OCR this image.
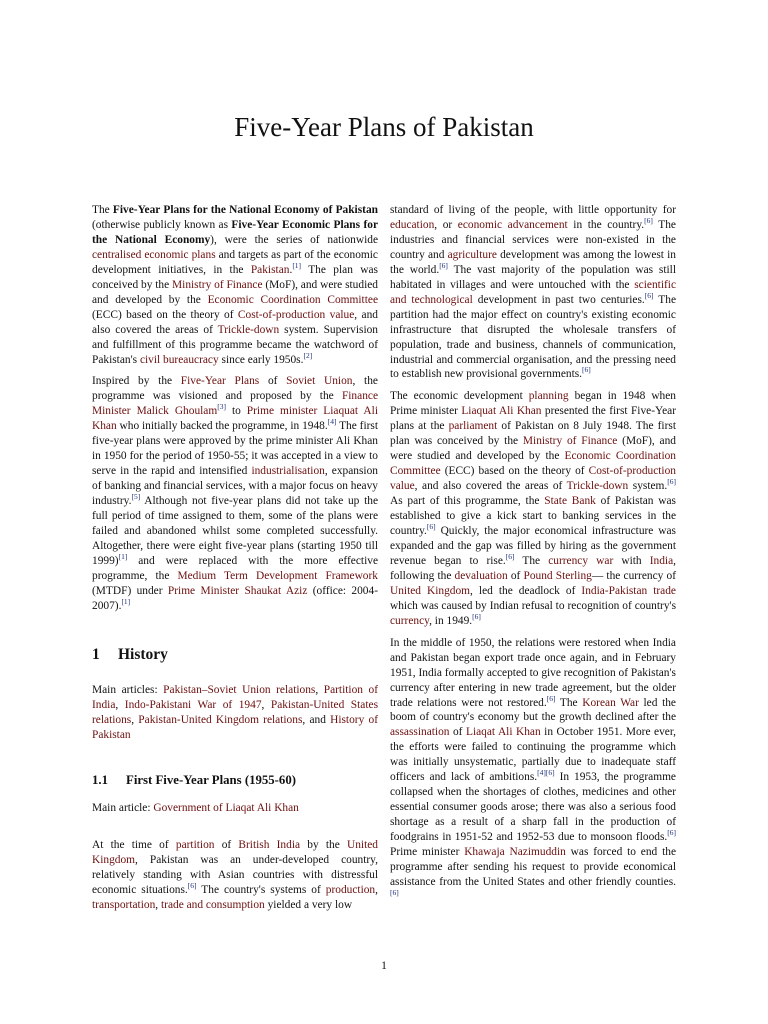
Five-Year Plans of Pakistan

The Five-Year Plans for the National Economy of Pakistan (otherwise publicly known as Five-Year Economic Plans for the National Economy), were the series of nationwide centralised economic plans and targets as part of the economic development initiatives, in the Pakistan.[1] The plan was conceived by the Ministry of Finance (MoF), and were studied and developed by the Economic Coordination Committee (ECC) based on the theory of Cost-of-production value, and also covered the areas of Trickle-down system. Supervision and fulfillment of this programme became the watchword of Pakistan's civil bureaucracy since early 1950s.[2]

Inspired by the Five-Year Plans of Soviet Union, the programme was visioned and proposed by the Finance Minister Malick Ghoulam[3] to Prime minister Liaquat Ali Khan who initially backed the programme, in 1948.[4] The first five-year plans were approved by the prime minister Ali Khan in 1950 for the period of 1950-55; it was accepted in a view to serve in the rapid and intensified industrialisation, expansion of banking and financial services, with a major focus on heavy industry.[5] Although not five-year plans did not take up the full period of time assigned to them, some of the plans were failed and abandoned whilst some completed successfully. Altogether, there were eight five-year plans (starting 1950 till 1999)[1] and were replaced with the more effective programme, the Medium Term Development Framework (MTDF) under Prime Minister Shaukat Aziz (office: 2004-2007).[1]

1 History

Main articles: Pakistan–Soviet Union relations, Partition of India, Indo-Pakistani War of 1947, Pakistan-United States relations, Pakistan-United Kingdom relations, and History of Pakistan

1.1 First Five-Year Plans (1955-60)

Main article: Government of Liaqat Ali Khan

At the time of partition of British India by the United Kingdom, Pakistan was an under-developed country, relatively standing with Asian countries with distressful economic situations.[6] The country's systems of production, transportation, trade and consumption yielded a very low

standard of living of the people, with little opportunity for education, or economic advancement in the country.[6] The industries and financial services were non-existed in the country and agriculture development was among the lowest in the world.[6] The vast majority of the population was still habitated in villages and were untouched with the scientific and technological development in past two centuries.[6] The partition had the major effect on country's existing economic infrastructure that disrupted the wholesale transfers of population, trade and business, channels of communication, industrial and commercial organisation, and the pressing need to establish new provisional governments.[6]

The economic development planning began in 1948 when Prime minister Liaquat Ali Khan presented the first Five-Year plans at the parliament of Pakistan on 8 July 1948. The first plan was conceived by the Ministry of Finance (MoF), and were studied and developed by the Economic Coordination Committee (ECC) based on the theory of Cost-of-production value, and also covered the areas of Trickle-down system.[6] As part of this programme, the State Bank of Pakistan was established to give a kick start to banking services in the country.[6] Quickly, the major economical infrastructure was expanded and the gap was filled by hiring as the government revenue began to rise.[6] The currency war with India, following the devaluation of Pound Sterling— the currency of United Kingdom, led the deadlock of India-Pakistan trade which was caused by Indian refusal to recognition of country's currency, in 1949.[6]

In the middle of 1950, the relations were restored when India and Pakistan began export trade once again, and in February 1951, India formally accepted to give recognition of Pakistan's currency after entering in new trade agreement, but the older trade relations were not restored.[6] The Korean War led the boom of country's economy but the growth declined after the assassination of Liaqat Ali Khan in October 1951. More ever, the efforts were failed to continuing the programme which was initially unsystematic, partially due to inadequate staff officers and lack of ambitions.[4][6] In 1953, the programme collapsed when the shortages of clothes, medicines and other essential consumer goods arose; there was also a serious food shortage as a result of a sharp fall in the production of foodgrains in 1951-52 and 1952-53 due to monsoon floods.[6] Prime minister Khawaja Nazimuddin was forced to end the programme after sending his request to provide economical assistance from the United States and other friendly counties.[6]

1
